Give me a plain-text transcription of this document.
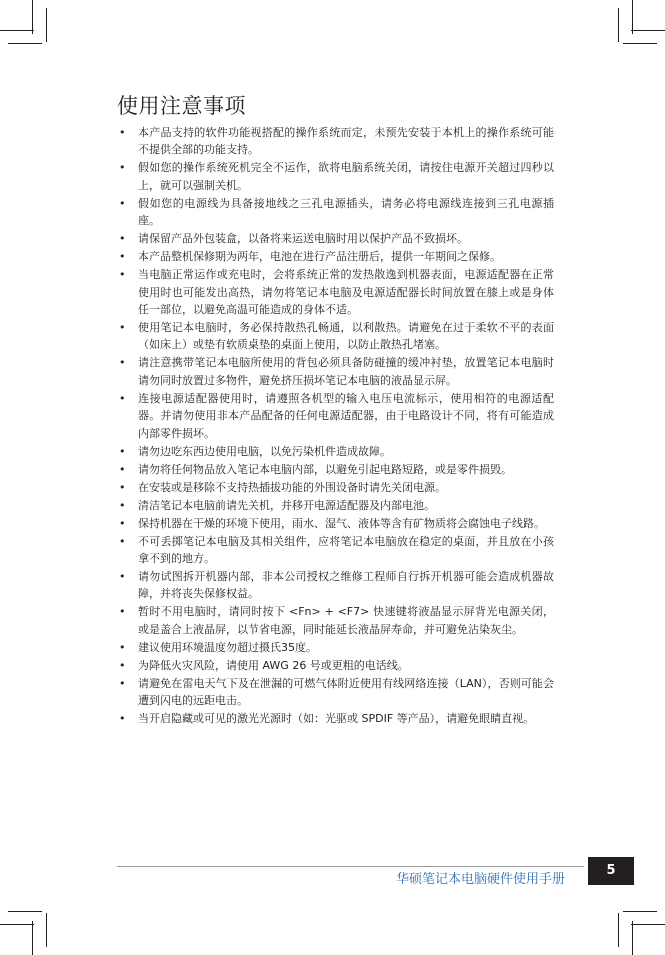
使用注意事项
• 本产品支持的软件功能视搭配的操作系统而定，未预先安装于本机上的操作系统可能不提供全部的功能支持。
• 假如您的操作系统死机完全不运作，欲将电脑系统关闭，请按住电源开关超过四秒以上，就可以强制关机。
• 假如您的电源线为具备接地线之三孔电源插头，请务必将电源线连接到三孔电源插座。
• 请保留产品外包装盒，以备将来运送电脑时用以保护产品不致损坏。
• 本产品整机保修期为两年，电池在进行产品注册后，提供一年期间之保修。
• 当电脑正常运作或充电时，会将系统正常的发热散逸到机器表面，电源适配器在正常使用时也可能发出高热，请勿将笔记本电脑及电源适配器长时间放置在膝上或是身体任一部位，以避免高温可能造成的身体不适。
• 使用笔记本电脑时，务必保持散热孔畅通，以利散热。请避免在过于柔软不平的表面（如床上）或垫有软质桌垫的桌面上使用，以防止散热孔堵塞。
• 请注意携带笔记本电脑所使用的背包必须具备防碰撞的缓冲衬垫，放置笔记本电脑时请勿同时放置过多物件，避免挤压损坏笔记本电脑的液晶显示屏。
• 连接电源适配器使用时，请遵照各机型的输入电压电流标示，使用相符的电源适配器。并请勿使用非本产品配备的任何电源适配器，由于电路设计不同，将有可能造成内部零件损坏。
• 请勿边吃东西边使用电脑，以免污染机件造成故障。
• 请勿将任何物品放入笔记本电脑内部，以避免引起电路短路，或是零件损毁。
• 在安装或是移除不支持热插拔功能的外围设备时请先关闭电源。
• 清洁笔记本电脑前请先关机，并移开电源适配器及内部电池。
• 保持机器在干燥的环境下使用，雨水、湿气、液体等含有矿物质将会腐蚀电子线路。
• 不可丢掷笔记本电脑及其相关组件，应将笔记本电脑放在稳定的桌面，并且放在小孩拿不到的地方。
• 请勿试图拆开机器内部，非本公司授权之维修工程师自行拆开机器可能会造成机器故障，并将丧失保修权益。
• 暂时不用电脑时，请同时按下 <Fn> + <F7> 快速键将液晶显示屏背光电源关闭，或是盖合上液晶屏，以节省电源，同时能延长液晶屏寿命，并可避免沾染灰尘。
• 建议使用环境温度勿超过摄氏35度。
• 为降低火灾风险，请使用 AWG 26 号或更粗的电话线。
• 请避免在雷电天气下及在泄漏的可燃气体附近使用有线网络连接（LAN），否则可能会遭到闪电的远距电击。
• 当开启隐藏或可见的激光光源时（如：光驱或 SPDIF 等产品），请避免眼睛直视。
华硕笔记本电脑硬件使用手册
5
